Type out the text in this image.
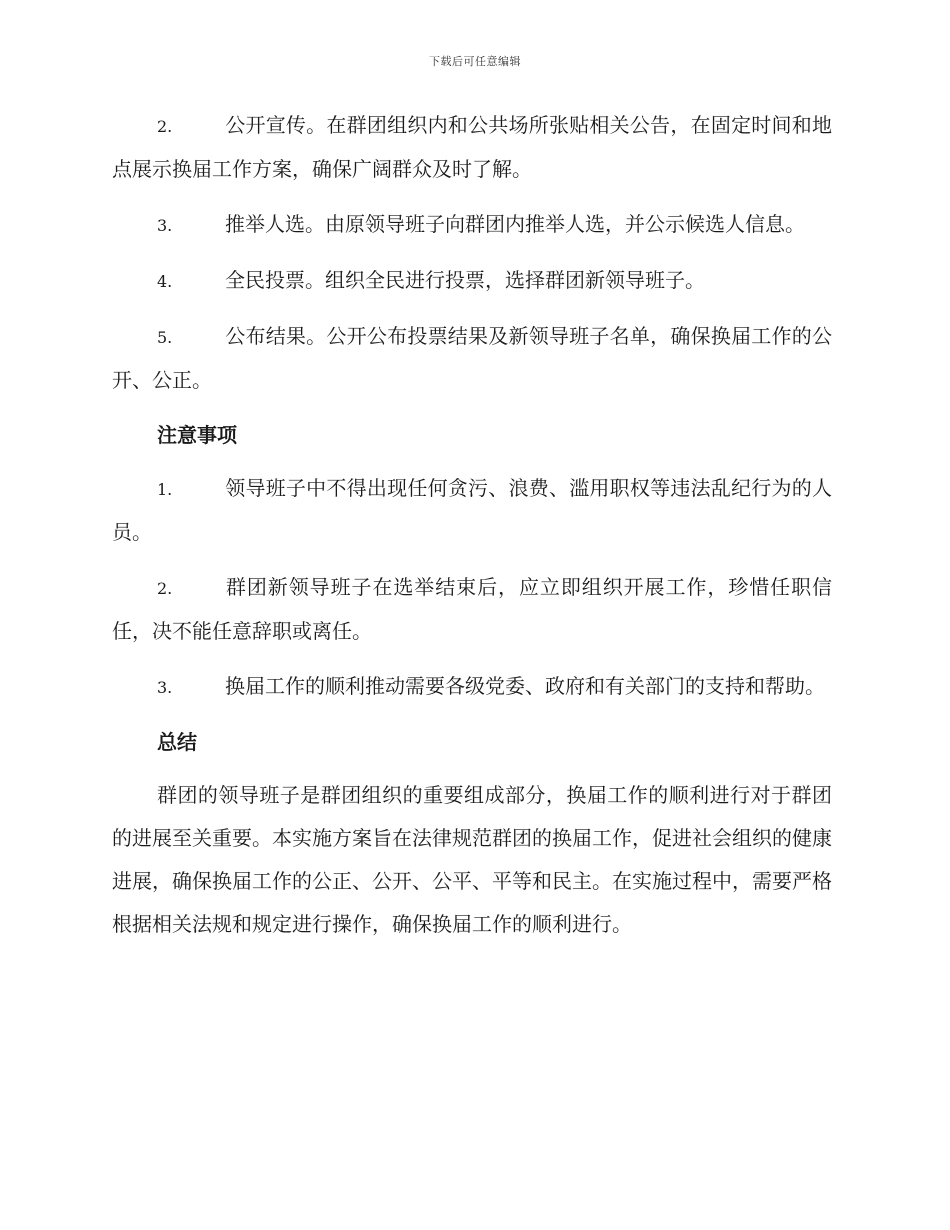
下载后可任意编辑

2.	公开宣传。在群团组织内和公共场所张贴相关公告，在固定时间和地点展示换届工作方案，确保广阔群众及时了解。

3.	推举人选。由原领导班子向群团内推举人选，并公示候选人信息。

4.	全民投票。组织全民进行投票，选择群团新领导班子。

5.	公布结果。公开公布投票结果及新领导班子名单，确保换届工作的公开、公正。

注意事项

1.	领导班子中不得出现任何贪污、浪费、滥用职权等违法乱纪行为的人员。

2.	群团新领导班子在选举结束后，应立即组织开展工作，珍惜任职信任，决不能任意辞职或离任。

3.	换届工作的顺利推动需要各级党委、政府和有关部门的支持和帮助。

总结

群团的领导班子是群团组织的重要组成部分，换届工作的顺利进行对于群团的进展至关重要。本实施方案旨在法律规范群团的换届工作，促进社会组织的健康进展，确保换届工作的公正、公开、公平、平等和民主。在实施过程中，需要严格根据相关法规和规定进行操作，确保换届工作的顺利进行。
